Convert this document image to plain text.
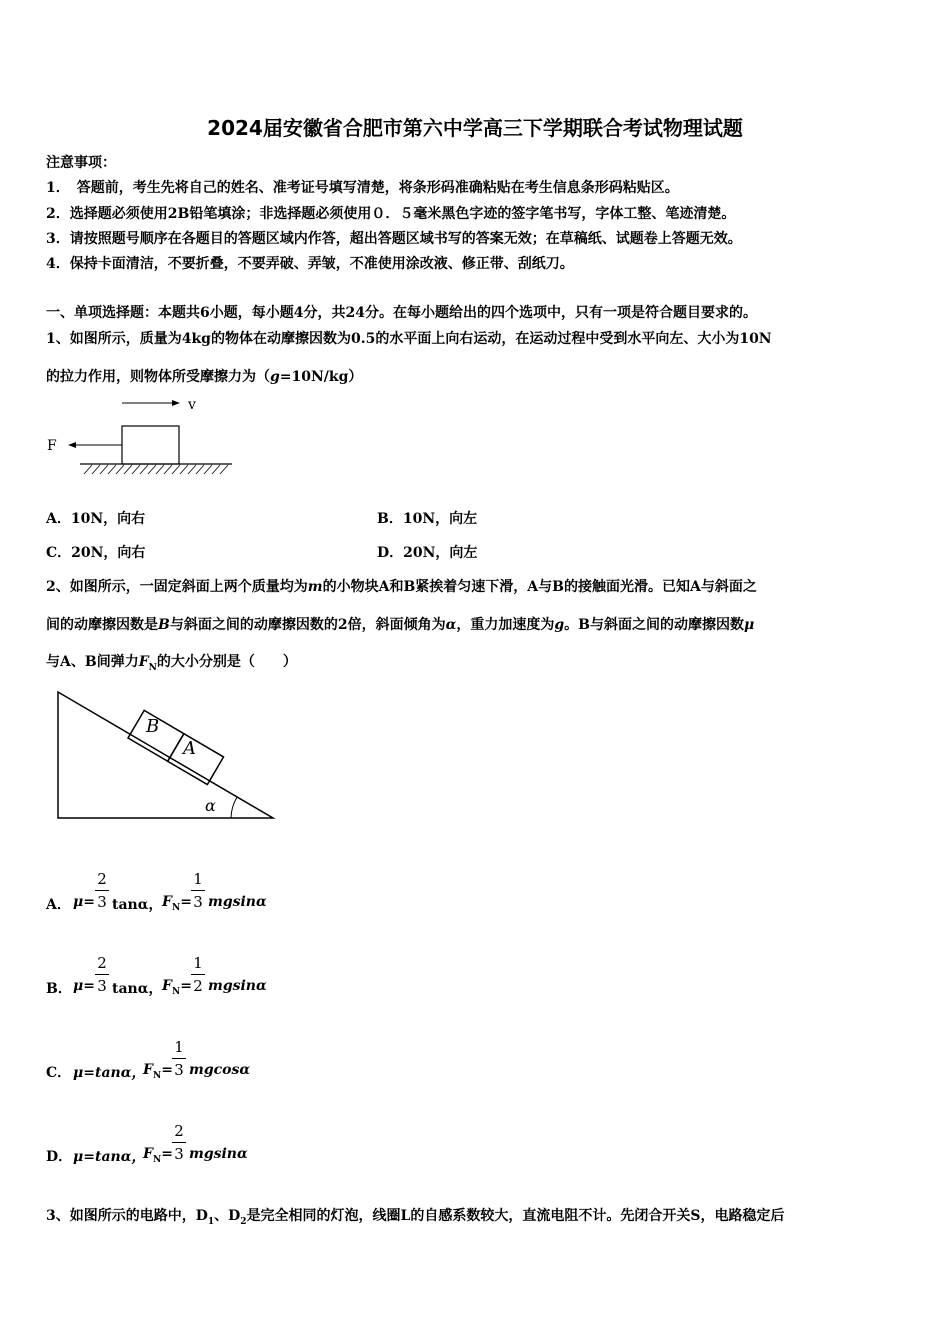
2024届安徽省合肥市第六中学高三下学期联合考试物理试题
注意事项：
1．　答题前，考生先将自己的姓名、准考证号填写清楚，将条形码准确粘贴在考生信息条形码粘贴区。
2．选择题必须使用2B铅笔填涂；非选择题必须使用０．５毫米黑色字迹的签字笔书写，字体工整、笔迹清楚。
3．请按照题号顺序在各题目的答题区域内作答，超出答题区域书写的答案无效；在草稿纸、试题卷上答题无效。
4．保持卡面清洁，不要折叠，不要弄破、弄皱，不准使用涂改液、修正带、刮纸刀。
一、单项选择题：本题共6小题，每小题4分，共24分。在每小题给出的四个选项中，只有一项是符合题目要求的。
1、如图所示，质量为4kg的物体在动摩擦因数为0.5的水平面上向右运动，在运动过程中受到水平向左、大小为10N
的拉力作用，则物体所受摩擦力为（g=10N/kg）
v
F
A．10N，向右	B．10N，向左
C．20N，向右	D．20N，向左
2、如图所示，一固定斜面上两个质量均为m的小物块A和B紧挨着匀速下滑，A与B的接触面光滑。已知A与斜面之
间的动摩擦因数是B与斜面之间的动摩擦因数的2倍，斜面倾角为α，重力加速度为g。B与斜面之间的动摩擦因数μ
与A、B间弹力$F_N$的大小分别是（　　）
B
A
α
A． μ=
2
3 tanα， $F_N=$
1
3 mgsinα
B． μ=
2
3 tanα， $F_N=$
1
2 mgsinα
C． μ=tanα，
$F_N=$
1
3 mgcosα
D． μ=tanα，
$F_N=$
2
3 mgsinα
3、如图所示的电路中，$D_1$、$D_2$是完全相同的灯泡，线圈L的自感系数较大，直流电阻不计。先闭合开关S，电路稳定后
